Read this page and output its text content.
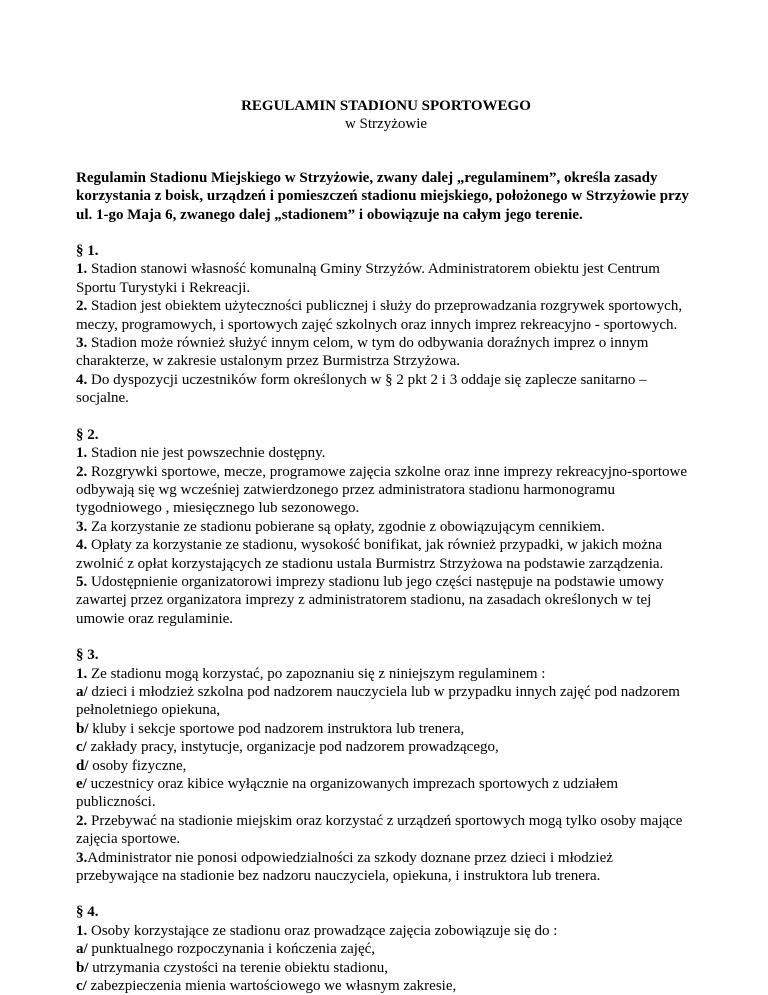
REGULAMIN STADIONU SPORTOWEGO
w Strzyżowie

Regulamin Stadionu Miejskiego w Strzyżowie, zwany dalej „regulaminem”, określa zasady korzystania z boisk, urządzeń i pomieszczeń stadionu miejskiego, położonego w Strzyżowie przy ul. 1-go Maja 6, zwanego dalej „stadionem” i obowiązuje na całym jego terenie.

§ 1.
1. Stadion stanowi własność komunalną Gminy Strzyżów. Administratorem obiektu jest Centrum Sportu Turystyki i Rekreacji.
2. Stadion jest obiektem użyteczności publicznej i służy do przeprowadzania rozgrywek sportowych, meczy, programowych, i sportowych zajęć szkolnych oraz innych imprez rekreacyjno - sportowych.
3. Stadion może również służyć innym celom, w tym do odbywania doraźnych imprez o innym charakterze, w zakresie ustalonym przez Burmistrza Strzyżowa.
4. Do dyspozycji uczestników form określonych w § 2 pkt 2 i 3 oddaje się zaplecze sanitarno – socjalne.
§ 2.
1. Stadion nie jest powszechnie dostępny.
2. Rozgrywki sportowe, mecze, programowe zajęcia szkolne oraz inne imprezy rekreacyjno-sportowe odbywają się wg wcześniej zatwierdzonego przez administratora stadionu harmonogramu tygodniowego , miesięcznego lub sezonowego.
3. Za korzystanie ze stadionu pobierane są opłaty, zgodnie z obowiązującym cennikiem.
4. Opłaty za korzystanie ze stadionu, wysokość bonifikat, jak również przypadki, w jakich można zwolnić z opłat korzystających ze stadionu ustala Burmistrz Strzyżowa na podstawie zarządzenia.
5. Udostępnienie organizatorowi imprezy stadionu lub jego części następuje na podstawie umowy zawartej przez organizatora imprezy z administratorem stadionu, na zasadach określonych w tej umowie oraz regulaminie.
§ 3.
1. Ze stadionu mogą korzystać, po zapoznaniu się z niniejszym regulaminem :
a/ dzieci i młodzież szkolna pod nadzorem nauczyciela lub w przypadku innych zajęć pod nadzorem pełnoletniego opiekuna,
b/ kluby i sekcje sportowe pod nadzorem instruktora lub trenera,
c/ zakłady pracy, instytucje, organizacje pod nadzorem prowadzącego,
d/ osoby fizyczne,
e/ uczestnicy oraz kibice wyłącznie na organizowanych imprezach sportowych z udziałem publiczności.
2. Przebywać na stadionie miejskim oraz korzystać z urządzeń sportowych mogą tylko osoby mające zajęcia sportowe.
3.Administrator nie ponosi odpowiedzialności za szkody doznane przez dzieci i młodzież przebywające na stadionie bez nadzoru nauczyciela, opiekuna, i instruktora lub trenera.
§ 4.
1. Osoby korzystające ze stadionu oraz prowadzące zajęcia zobowiązuje się do :
a/ punktualnego rozpoczynania i kończenia zajęć,
b/ utrzymania czystości na terenie obiektu stadionu,
c/ zabezpieczenia mienia wartościowego we własnym zakresie,
